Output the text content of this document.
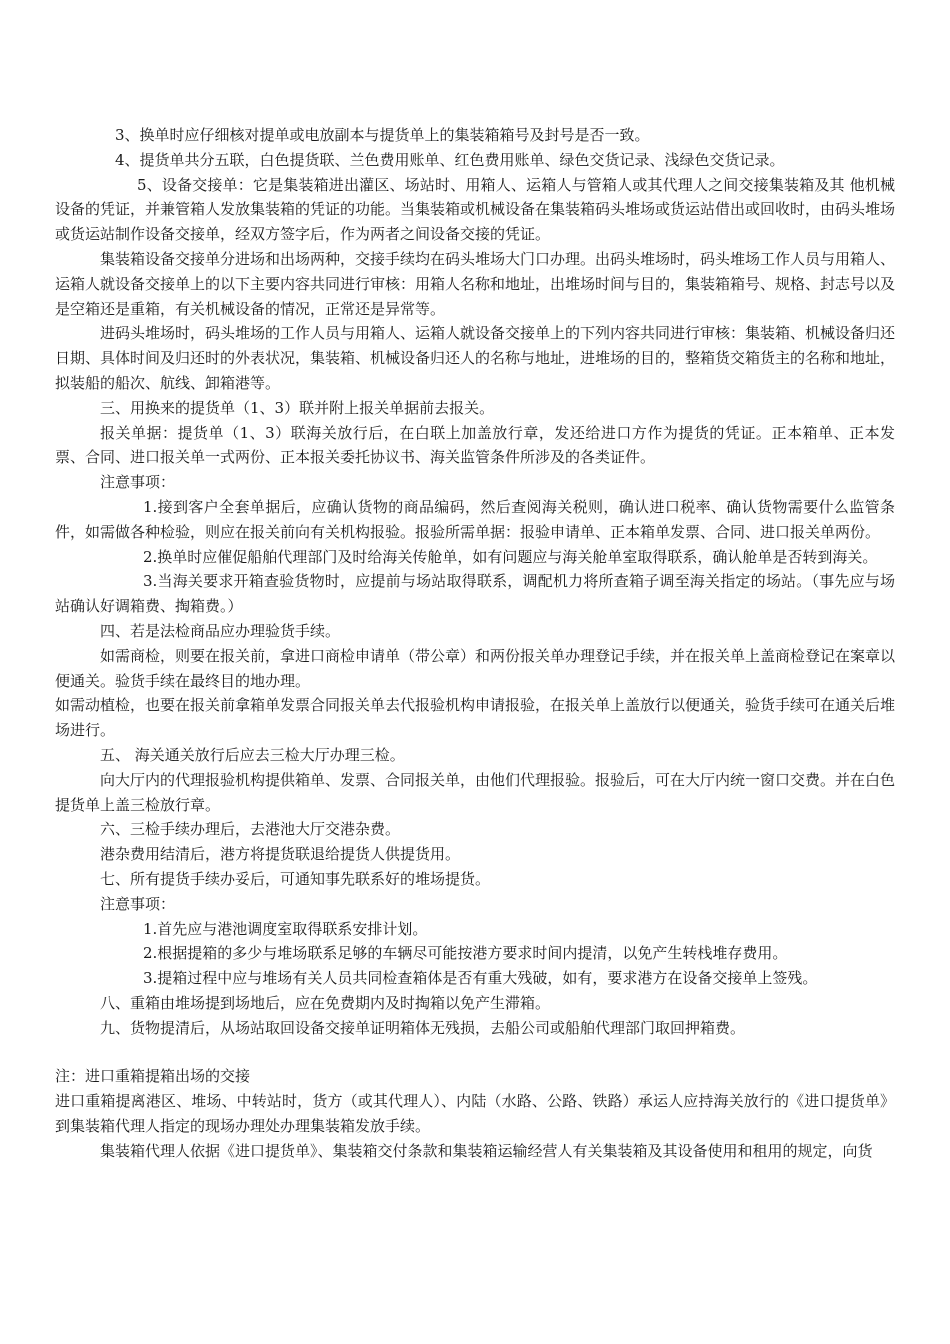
3、换单时应仔细核对提单或电放副本与提货单上的集装箱箱号及封号是否一致。

4、提货单共分五联，白色提货联、兰色费用账单、红色费用账单、绿色交货记录、浅绿色交货记录。

5、设备交接单：它是集装箱进出灌区、场站时、用箱人、运箱人与管箱人或其代理人之间交接集装箱及其 他机械设备的凭证，并兼管箱人发放集装箱的凭证的功能。当集装箱或机械设备在集装箱码头堆场或货运站借出或回收时，由码头堆场或货运站制作设备交接单，经双方签字后，作为两者之间设备交接的凭证。

集装箱设备交接单分进场和出场两种，交接手续均在码头堆场大门口办理。出码头堆场时，码头堆场工作人员与用箱人、运箱人就设备交接单上的以下主要内容共同进行审核：用箱人名称和地址，出堆场时间与目的，集装箱箱号、规格、封志号以及是空箱还是重箱，有关机械设备的情况，正常还是异常等。

进码头堆场时，码头堆场的工作人员与用箱人、运箱人就设备交接单上的下列内容共同进行审核：集装箱、机械设备归还日期、具体时间及归还时的外表状况，集装箱、机械设备归还人的名称与地址，进堆场的目的，整箱货交箱货主的名称和地址，拟装船的船次、航线、卸箱港等。

三、用换来的提货单（1、3）联并附上报关单据前去报关。

报关单据：提货单（1、3）联海关放行后，在白联上加盖放行章，发还给进口方作为提货的凭证。正本箱单、正本发票、合同、进口报关单一式两份、正本报关委托协议书、海关监管条件所涉及的各类证件。

注意事项：

1.接到客户全套单据后，应确认货物的商品编码，然后查阅海关税则，确认进口税率、确认货物需要什么监管条件，如需做各种检验，则应在报关前向有关机构报验。报验所需单据：报验申请单、正本箱单发票、合同、进口报关单两份。

2.换单时应催促船舶代理部门及时给海关传舱单，如有问题应与海关舱单室取得联系，确认舱单是否转到海关。

3.当海关要求开箱查验货物时，应提前与场站取得联系，调配机力将所查箱子调至海关指定的场站。（事先应与场站确认好调箱费、掏箱费。）

四、若是法检商品应办理验货手续。

如需商检，则要在报关前，拿进口商检申请单（带公章）和两份报关单办理登记手续，并在报关单上盖商检登记在案章以便通关。验货手续在最终目的地办理。

如需动植检，也要在报关前拿箱单发票合同报关单去代报验机构申请报验，在报关单上盖放行以便通关，验货手续可在通关后堆场进行。

五、 海关通关放行后应去三检大厅办理三检。

向大厅内的代理报验机构提供箱单、发票、合同报关单，由他们代理报验。报验后，可在大厅内统一窗口交费。并在白色提货单上盖三检放行章。

六、三检手续办理后，去港池大厅交港杂费。

港杂费用结清后，港方将提货联退给提货人供提货用。

七、所有提货手续办妥后，可通知事先联系好的堆场提货。

注意事项：

1.首先应与港池调度室取得联系安排计划。

2.根据提箱的多少与堆场联系足够的车辆尽可能按港方要求时间内提清，以免产生转栈堆存费用。

3.提箱过程中应与堆场有关人员共同检查箱体是否有重大残破，如有，要求港方在设备交接单上签残。

八、重箱由堆场提到场地后，应在免费期内及时掏箱以免产生滞箱。

九、货物提清后，从场站取回设备交接单证明箱体无残损，去船公司或船舶代理部门取回押箱费。

注：进口重箱提箱出场的交接

进口重箱提离港区、堆场、中转站时，货方（或其代理人）、内陆（水路、公路、铁路）承运人应持海关放行的《进口提货单》到集装箱代理人指定的现场办理处办理集装箱发放手续。

集装箱代理人依据《进口提货单》、集装箱交付条款和集装箱运输经营人有关集装箱及其设备使用和租用的规定，向货
